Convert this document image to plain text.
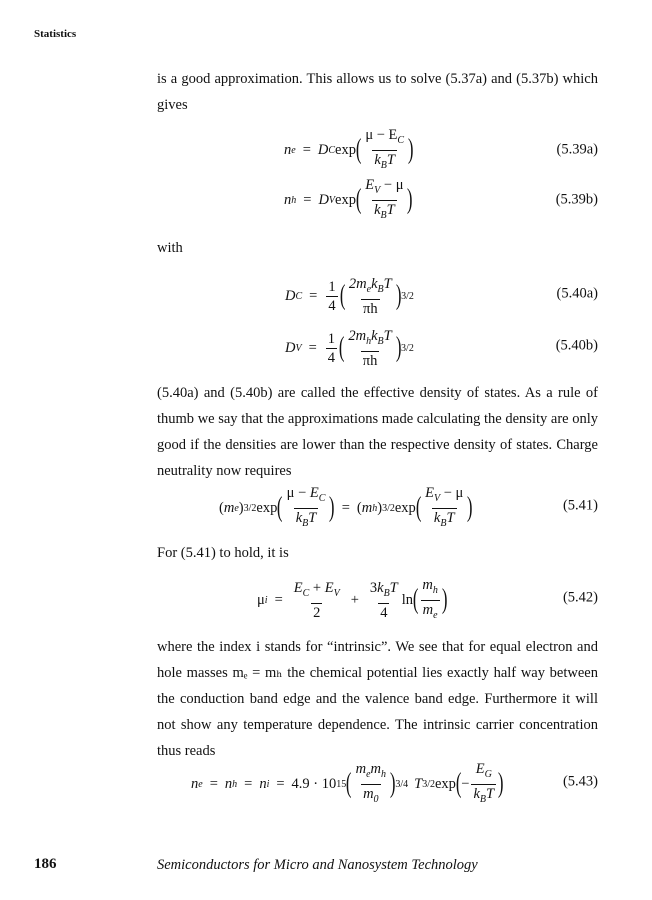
Statistics
is a good approximation. This allows us to solve (5.37a) and (5.37b) which gives
n e = D C exp ( $\frac{\mu - E_C}{k_BT}$ )	(5.39a)
n h = D V exp ( $\frac{E_V - \mu}{k_BT}$ )	(5.39b)
with
D $C = \frac{1}{4}$ ( $\frac{2m_ek_BT}{\pi h}$ ) 3/2	(5.40a)
D $V = \frac{1}{4}$ ( $\frac{2m_hk_BT}{\pi h}$ ) 3/2	(5.40b)
(5.40a) and (5.40b) are called the effective density of states. As a rule of thumb we say that the approximations made calculating the density are only good if the densities are lower than the respective density of states. Charge neutrality now requires
( m e ) 3/2 exp ( $\frac{\mu - E_C}{k_BT}$ ) = ( m h ) 3/2 exp ( $\frac{E_V - \mu}{k_BT}$ )	(5.41)
For (5.41) to hold, it is
μ $i = \frac{E_C + E_V}{2} + \frac{3k_BT}{4}$ ln ( $\frac{m_h}{m_e}$ )	(5.42)
where the index i stands for “intrinsic”. We see that for equal electron and hole masses mₑ = mₕ the chemical potential lies exactly half way between the conduction band edge and the valence band edge. Furthermore it will not show any temperature dependence. The intrinsic carrier concentration thus reads
n e = n h = n i = 4.9 · 10 15 ( $\frac{m_em_h}{m_0}$ ) 3/4 T 3/2 exp ( − $\frac{E_G}{k_BT}$ )	(5.43)
186	Semiconductors for Micro and Nanosystem Technology
